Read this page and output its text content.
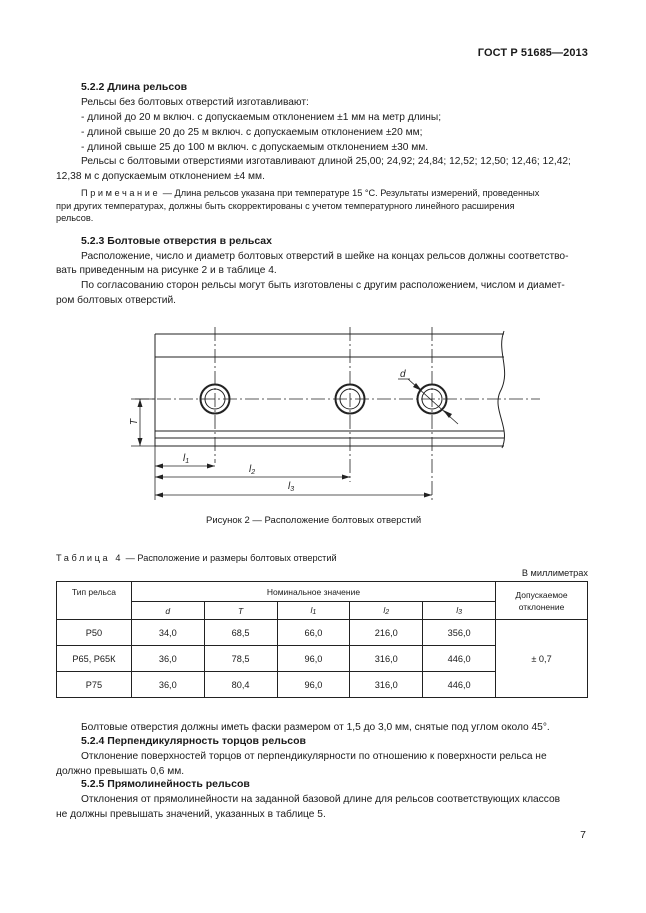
ГОСТ Р 51685—2013
5.2.2 Длина рельсов
Рельсы без болтовых отверстий изготавливают:
- длиной до 20 м включ. с допускаемым отклонением ±1 мм на метр длины;
- длиной свыше 20 до 25 м включ. с допускаемым отклонением ±20 мм;
- длиной свыше 25 до 100 м включ. с допускаемым отклонением ±30 мм.
Рельсы с болтовыми отверстиями изготавливают длиной 25,00; 24,92; 24,84; 12,52; 12,50; 12,46; 12,42;
12,38 м с допускаемым отклонением ±4 мм.
Примечание — Длина рельсов указана при температуре 15 °С. Результаты измерений, проведенных
при других температурах, должны быть скорректированы с учетом температурного линейного расширения
рельсов.
5.2.3 Болтовые отверстия в рельсах
Расположение, число и диаметр болтовых отверстий в шейке на концах рельсов должны соответство-
вать приведенным на рисунке 2 и в таблице 4.
По согласованию сторон рельсы могут быть изготовлены с другим расположением, числом и диамет-
ром болтовых отверстий.
d
T
$l_1$
$l_2$
$l_3$
Рисунок 2 — Расположение болтовых отверстий
Таблица 4 — Расположение и размеры болтовых отверстий
В миллиметрах
Тип рельса	Номинальное значение					Допускаемое отклонение
	d	T	l1	l2	l3	
Р50	34,0	68,5	66,0	216,0	356,0	± 0,7
Р65, Р65К	36,0	78,5	96,0	316,0	446,0	
Р75	36,0	80,4	96,0	316,0	446,0	
Болтовые отверстия должны иметь фаски размером от 1,5 до 3,0 мм, снятые под углом около 45°.
5.2.4 Перпендикулярность торцов рельсов
Отклонение поверхностей торцов от перпендикулярности по отношению к поверхности рельса не
должно превышать 0,6 мм.
5.2.5 Прямолинейность рельсов
Отклонения от прямолинейности на заданной базовой длине для рельсов соответствующих классов
не должны превышать значений, указанных в таблице 5.
7
